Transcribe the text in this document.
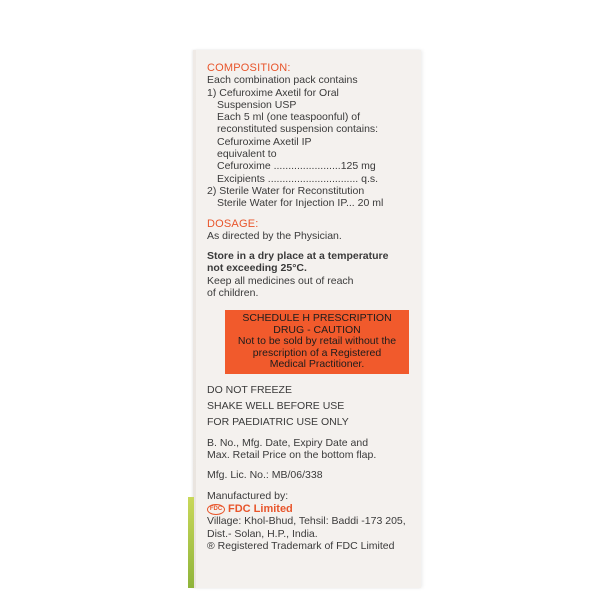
COMPOSITION:
Each combination pack contains
1) Cefuroxime Axetil for Oral
Suspension USP
Each 5 ml (one teaspoonful) of
reconstituted suspension contains:
Cefuroxime Axetil IP
equivalent to
Cefuroxime .......................125 mg
Excipients ............................... q.s.
2) Sterile Water for Reconstitution
Sterile Water for Injection IP... 20 ml
DOSAGE:
As directed by the Physician.
Store in a dry place at a temperature
not exceeding 25°C.
Keep all medicines out of reach
of children.
SCHEDULE H PRESCRIPTION
DRUG - CAUTION
Not to be sold by retail without the
prescription of a Registered
Medical Practitioner.
DO NOT FREEZE
SHAKE WELL BEFORE USE
FOR PAEDIATRIC USE ONLY
B. No., Mfg. Date, Expiry Date and
Max. Retail Price on the bottom flap.
Mfg. Lic. No.: MB/06/338
Manufactured by:
FDC FDC Limited
Village: Khol-Bhud, Tehsil: Baddi -173 205,
Dist.- Solan, H.P., India.
® Registered Trademark of FDC Limited
